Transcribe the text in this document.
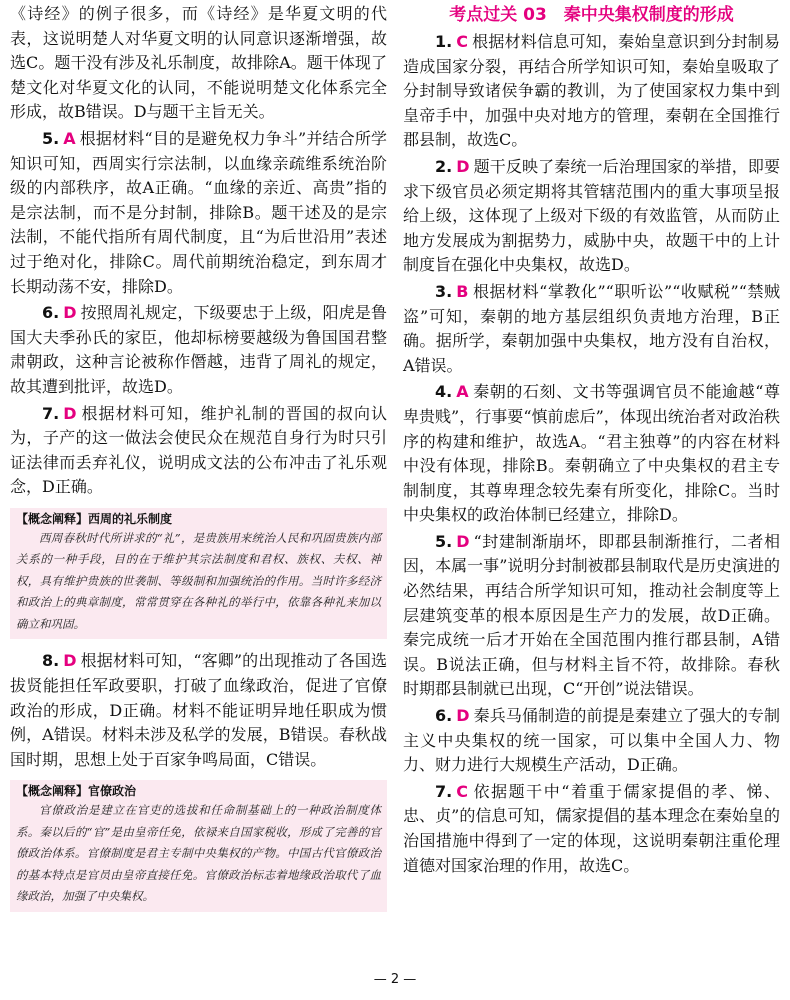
《诗经》的例子很多，而《诗经》是华夏文明的代表，这说明楚人对华夏文明的认同意识逐渐增强，故选C。题干没有涉及礼乐制度，故排除A。题干体现了楚文化对华夏文化的认同，不能说明楚文化体系完全形成，故B错误。D与题干主旨无关。

5. A 根据材料“目的是避免权力争斗”并结合所学知识可知，西周实行宗法制，以血缘亲疏维系统治阶级的内部秩序，故A正确。“血缘的亲近、高贵”指的是宗法制，而不是分封制，排除B。题干述及的是宗法制，不能代指所有周代制度，且“为后世沿用”表述过于绝对化，排除C。周代前期统治稳定，到东周才长期动荡不安，排除D。

6. D 按照周礼规定，下级要忠于上级，阳虎是鲁国大夫季孙氏的家臣，他却标榜要越级为鲁国国君整肃朝政，这种言论被称作僭越，违背了周礼的规定，故其遭到批评，故选D。

7. D 根据材料可知，维护礼制的晋国的叔向认为，子产的这一做法会使民众在规范自身行为时只引证法律而丢弃礼仪，说明成文法的公布冲击了礼乐观念，D正确。

【概念阐释】西周的礼乐制度
西周春秋时代所讲求的“礼”，是贵族用来统治人民和巩固贵族内部关系的一种手段，目的在于维护其宗法制度和君权、族权、夫权、神权，具有维护贵族的世袭制、等级制和加强统治的作用。当时许多经济和政治上的典章制度，常常贯穿在各种礼的举行中，依靠各种礼来加以确立和巩固。

8. D 根据材料可知，“客卿”的出现推动了各国选拔贤能担任军政要职，打破了血缘政治，促进了官僚政治的形成，D正确。材料不能证明异地任职成为惯例，A错误。材料未涉及私学的发展，B错误。春秋战国时期，思想上处于百家争鸣局面，C错误。

【概念阐释】官僚政治
官僚政治是建立在官吏的选拔和任命制基础上的一种政治制度体系。秦以后的“官”是由皇帝任免，依禄来自国家税收，形成了完善的官僚政治体系。官僚制度是君主专制中央集权的产物。中国古代官僚政治的基本特点是官员由皇帝直接任免。官僚政治标志着地缘政治取代了血缘政治，加强了中央集权。
考点过关 03　秦中央集权制度的形成

1. C 根据材料信息可知，秦始皇意识到分封制易造成国家分裂，再结合所学知识可知，秦始皇吸取了分封制导致诸侯争霸的教训，为了使国家权力集中到皇帝手中，加强中央对地方的管理，秦朝在全国推行郡县制，故选C。

2. D 题干反映了秦统一后治理国家的举措，即要求下级官员必须定期将其管辖范围内的重大事项呈报给上级，这体现了上级对下级的有效监管，从而防止地方发展成为割据势力，威胁中央，故题干中的上计制度旨在强化中央集权，故选D。

3. B 根据材料“掌教化”“职听讼”“收赋税”“禁贼盗”可知，秦朝的地方基层组织负责地方治理，B正确。据所学，秦朝加强中央集权，地方没有自治权，A错误。

4. A 秦朝的石刻、文书等强调官员不能逾越“尊卑贵贱”，行事要“慎前虑后”，体现出统治者对政治秩序的构建和维护，故选A。“君主独尊”的内容在材料中没有体现，排除B。秦朝确立了中央集权的君主专制制度，其尊卑理念较先秦有所变化，排除C。当时中央集权的政治体制已经建立，排除D。

5. D “封建制渐崩坏，即郡县制渐推行，二者相因，本属一事”说明分封制被郡县制取代是历史演进的必然结果，再结合所学知识可知，推动社会制度等上层建筑变革的根本原因是生产力的发展，故D正确。秦完成统一后才开始在全国范围内推行郡县制，A错误。B说法正确，但与材料主旨不符，故排除。春秋时期郡县制就已出现，C“开创”说法错误。

6. D 秦兵马俑制造的前提是秦建立了强大的专制主义中央集权的统一国家，可以集中全国人力、物力、财力进行大规模生产活动，D正确。

7. C 依据题干中“着重于儒家提倡的孝、悌、忠、贞”的信息可知，儒家提倡的基本理念在秦始皇的治国措施中得到了一定的体现，这说明秦朝注重伦理道德对国家治理的作用，故选C。

— 2 —
